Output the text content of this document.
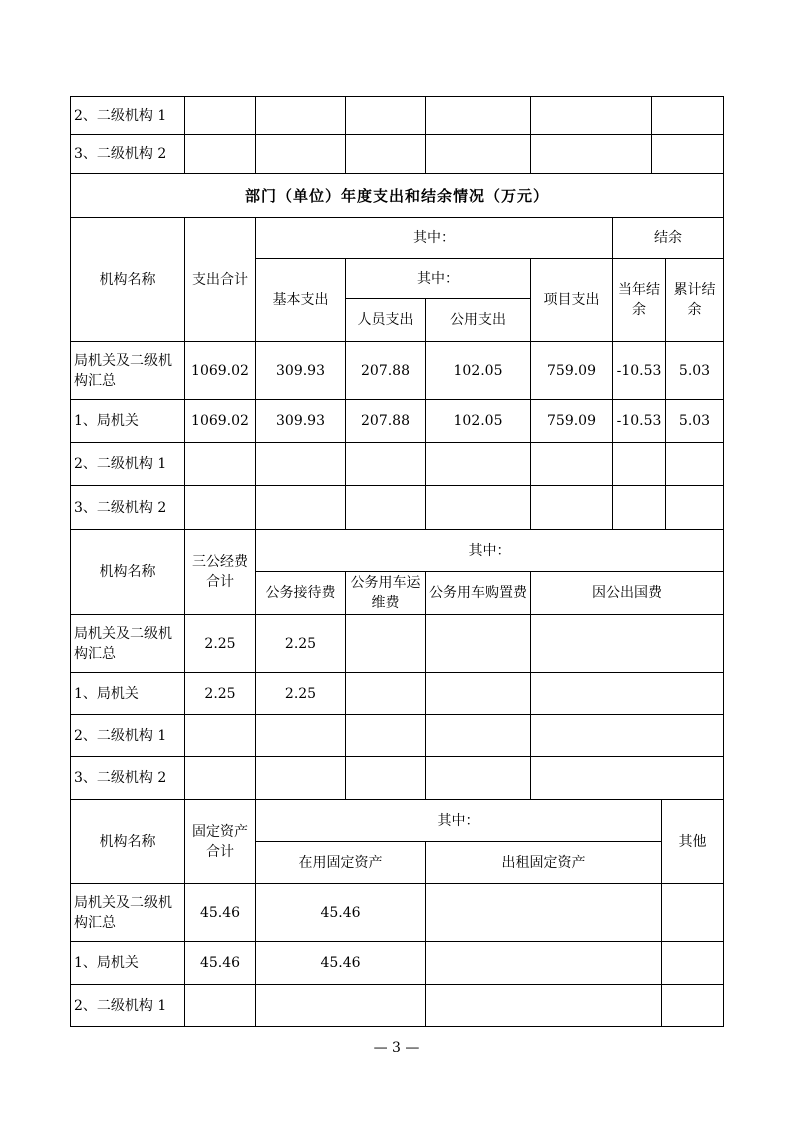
2、二级机构 1						
3、二级机构 2						
部门（单位）年度支出和结余情况（万元）							
机构名称	支出合计	其中：				结余	
		基本支出	其中：		项目支出	当年结余	累计结余
			人员支出	公用支出			
局机关及二级机构汇总	1069.02	309.93	207.88	102.05	759.09	-10.53	5.03
1、局机关	1069.02	309.93	207.88	102.05	759.09	-10.53	5.03
2、二级机构 1							
3、二级机构 2							
机构名称	三公经费合计	其中：			
		公务接待费	公务用车运维费	公务用车购置费	因公出国费
局机关及二级机构汇总	2.25	2.25			
1、局机关	2.25	2.25			
2、二级机构 1					
3、二级机构 2					
机构名称	固定资产合计	其中：		其他
		在用固定资产	出租固定资产	
局机关及二级机构汇总	45.46	45.46		
1、局机关	45.46	45.46		
2、二级机构 1				
— 3 —
